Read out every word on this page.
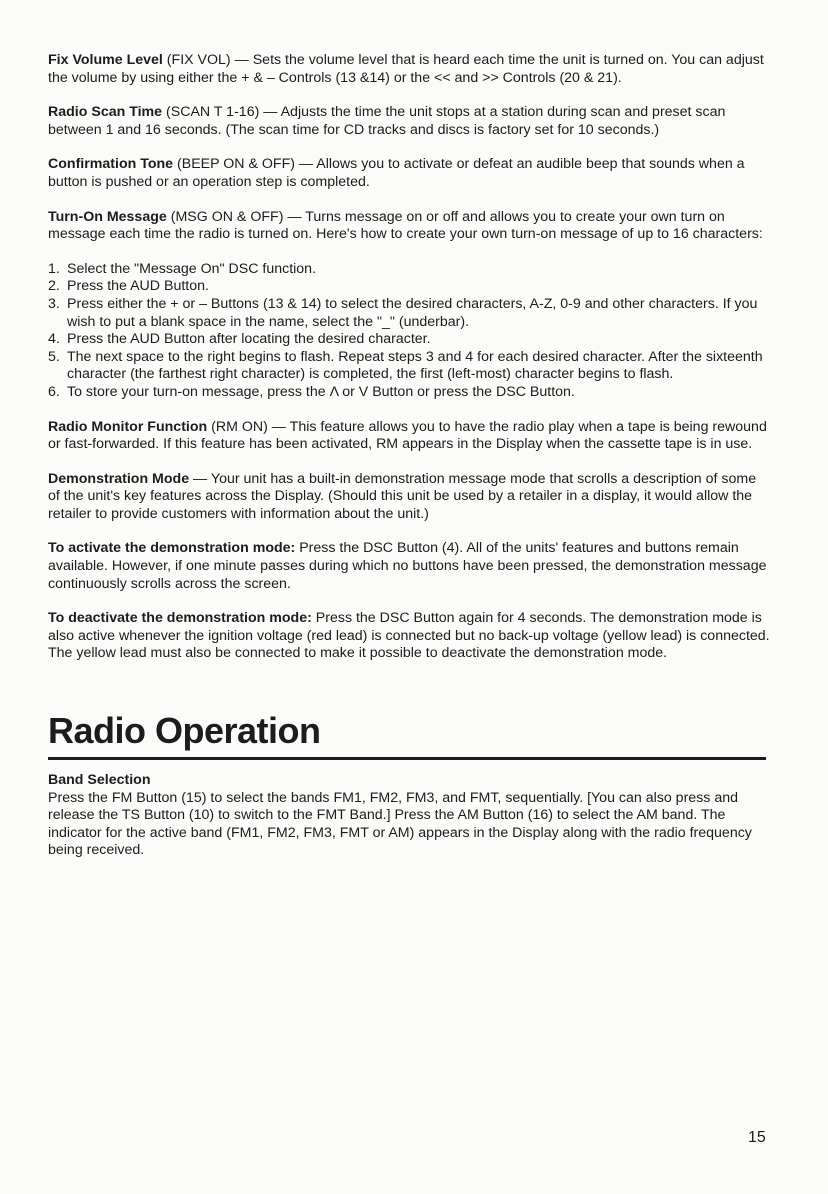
Fix Volume Level (FIX VOL) — Sets the volume level that is heard each time the unit is turned on. You can adjust the volume by using either the + & – Controls (13 &14) or the << and >> Controls (20 & 21).

Radio Scan Time (SCAN T 1-16) — Adjusts the time the unit stops at a station during scan and preset scan between 1 and 16 seconds. (The scan time for CD tracks and discs is factory set for 10 seconds.)

Confirmation Tone (BEEP ON & OFF) — Allows you to activate or defeat an audible beep that sounds when a button is pushed or an operation step is completed.

Turn-On Message (MSG ON & OFF) — Turns message on or off and allows you to create your own turn on message each time the radio is turned on. Here's how to create your own turn-on message of up to 16 characters:

1. Select the "Message On" DSC function.
2. Press the AUD Button.
3. Press either the + or – Buttons (13 & 14) to select the desired characters, A-Z, 0-9 and other characters. If you wish to put a blank space in the name, select the "_" (underbar).
4. Press the AUD Button after locating the desired character.
5. The next space to the right begins to flash. Repeat steps 3 and 4 for each desired character. After the sixteenth character (the farthest right character) is completed, the first (left-most) character begins to flash.
6. To store your turn-on message, press the Λ or V Button or press the DSC Button.

Radio Monitor Function (RM ON) — This feature allows you to have the radio play when a tape is being rewound or fast-forwarded. If this feature has been activated, RM appears in the Display when the cassette tape is in use.

Demonstration Mode — Your unit has a built-in demonstration message mode that scrolls a description of some of the unit's key features across the Display. (Should this unit be used by a retailer in a display, it would allow the retailer to provide customers with information about the unit.)

To activate the demonstration mode: Press the DSC Button (4). All of the units' features and buttons remain available. However, if one minute passes during which no buttons have been pressed, the demonstration message continuously scrolls across the screen.

To deactivate the demonstration mode: Press the DSC Button again for 4 seconds. The demonstration mode is also active whenever the ignition voltage (red lead) is connected but no back-up voltage (yellow lead) is connected. The yellow lead must also be connected to make it possible to deactivate the demonstration mode.

Radio Operation
Band Selection

Press the FM Button (15) to select the bands FM1, FM2, FM3, and FMT, sequentially. [You can also press and release the TS Button (10) to switch to the FMT Band.] Press the AM Button (16) to select the AM band. The indicator for the active band (FM1, FM2, FM3, FMT or AM) appears in the Display along with the radio frequency being received.

15
